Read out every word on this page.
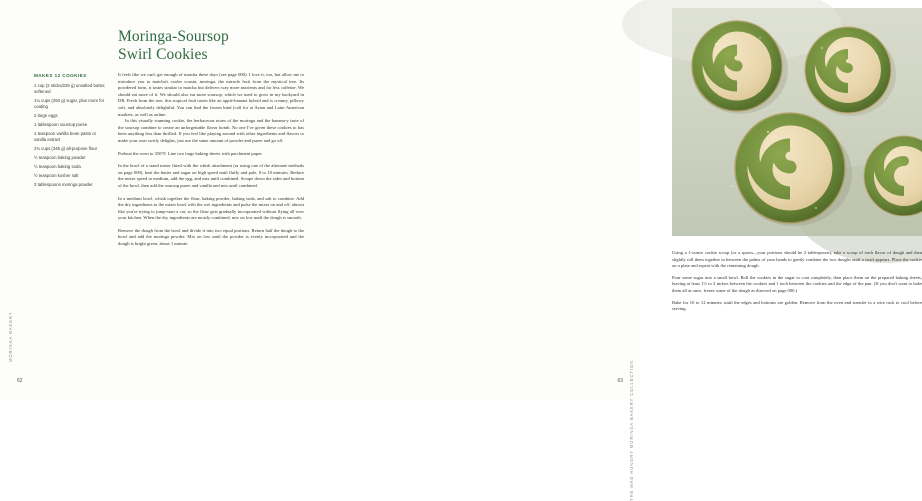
Moringa-Soursop
Swirl Cookies
MAKES 12 COOKIES
1 cup (2 sticks/226 g) unsalted butter, softened
1¼ cups (250 g) sugar, plus more for coating
2 large eggs
1 tablespoon soursop puree
1 teaspoon vanilla bean paste or vanilla extract
2¾ cups (345 g) all-purpose flour
½ teaspoon baking powder
½ teaspoon baking soda
½ teaspoon kosher salt
3 tablespoons moringa powder

It feels like we can't get enough of matcha these days (see page 000). I love it, too, but allow me to introduce you to matcha's cooler cousin, moringa, the miracle fruit from the mystical tree. Its powdered form, it tastes similar to matcha but delivers way more nutrients and far less caffeine. We should eat more of it. We should also eat more soursop, which we used to grow in my backyard in DR. Fresh from the tree, this tropical fruit tastes like an apple-banana hybrid and is creamy, pillowy soft, and absolutely delightful. You can find the frozen kind (call for at Asian and Latin American markets, as well as online.

In this visually stunning cookie, the herbaceous notes of the moringa and the banana-y taste of the soursop combine to create an unforgettable flavor bomb. No one I've given these cookies to has been anything less than thrilled. If you feel like playing around with other ingredients and flavors to make your own swirly delights, just use the same amount of powder and puree and go off.

Preheat the oven to 350°F. Line two large baking sheets with parchment paper.

In the bowl of a stand mixer fitted with the whisk attachment (or using one of the alternate methods on page 000), beat the butter and sugar on high speed until fluffy and pale, 8 to 10 minutes. Reduce the mixer speed to medium, add the egg, and mix until combined. Scrape down the sides and bottom of the bowl, then add the soursop puree and vanilla and mix until combined.

In a medium bowl, whisk together the flour, baking powder, baking soda, and salt to combine. Add the dry ingredients to the mixer bowl with the wet ingredients and pulse the mixer on and off, almost like you're trying to jump-start a car, so the flour gets gradually incorporated without flying all over your kitchen. When the dry ingredients are mostly combined, mix on low until the dough is smooth.

Remove the dough from the bowl and divide it into two equal portions. Return half the dough to the bowl and add the moringa powder. Mix on low until the powder is evenly incorporated and the dough is bright green, about 1 minute.

62
MORINGA BAKERY

Using a 1-ounce cookie scoop (or a spoon—your portions should be 2 tablespoons), take a scoop of each flavor of dough and then slightly roll them together in between the palms of your hands to gently combine the two doughs until a swirl appears. Place the cookie on a plate and repeat with the remaining dough.

Pour some sugar into a small bowl. Roll the cookies in the sugar to coat completely, then place them on the prepared baking sheets, leaving at least 1½ to 2 inches between the cookies and 1 inch between the cookies and the edge of the pan. (If you don't want to bake them all at once, freeze some of the dough as directed on page 000.)

Bake for 10 to 12 minutes, until the edges and bottoms are golden. Remove from the oven and transfer to a wire rack to cool before serving.

63 THE MAD HUNGRY MORINGA BAKERY COLLECTION
